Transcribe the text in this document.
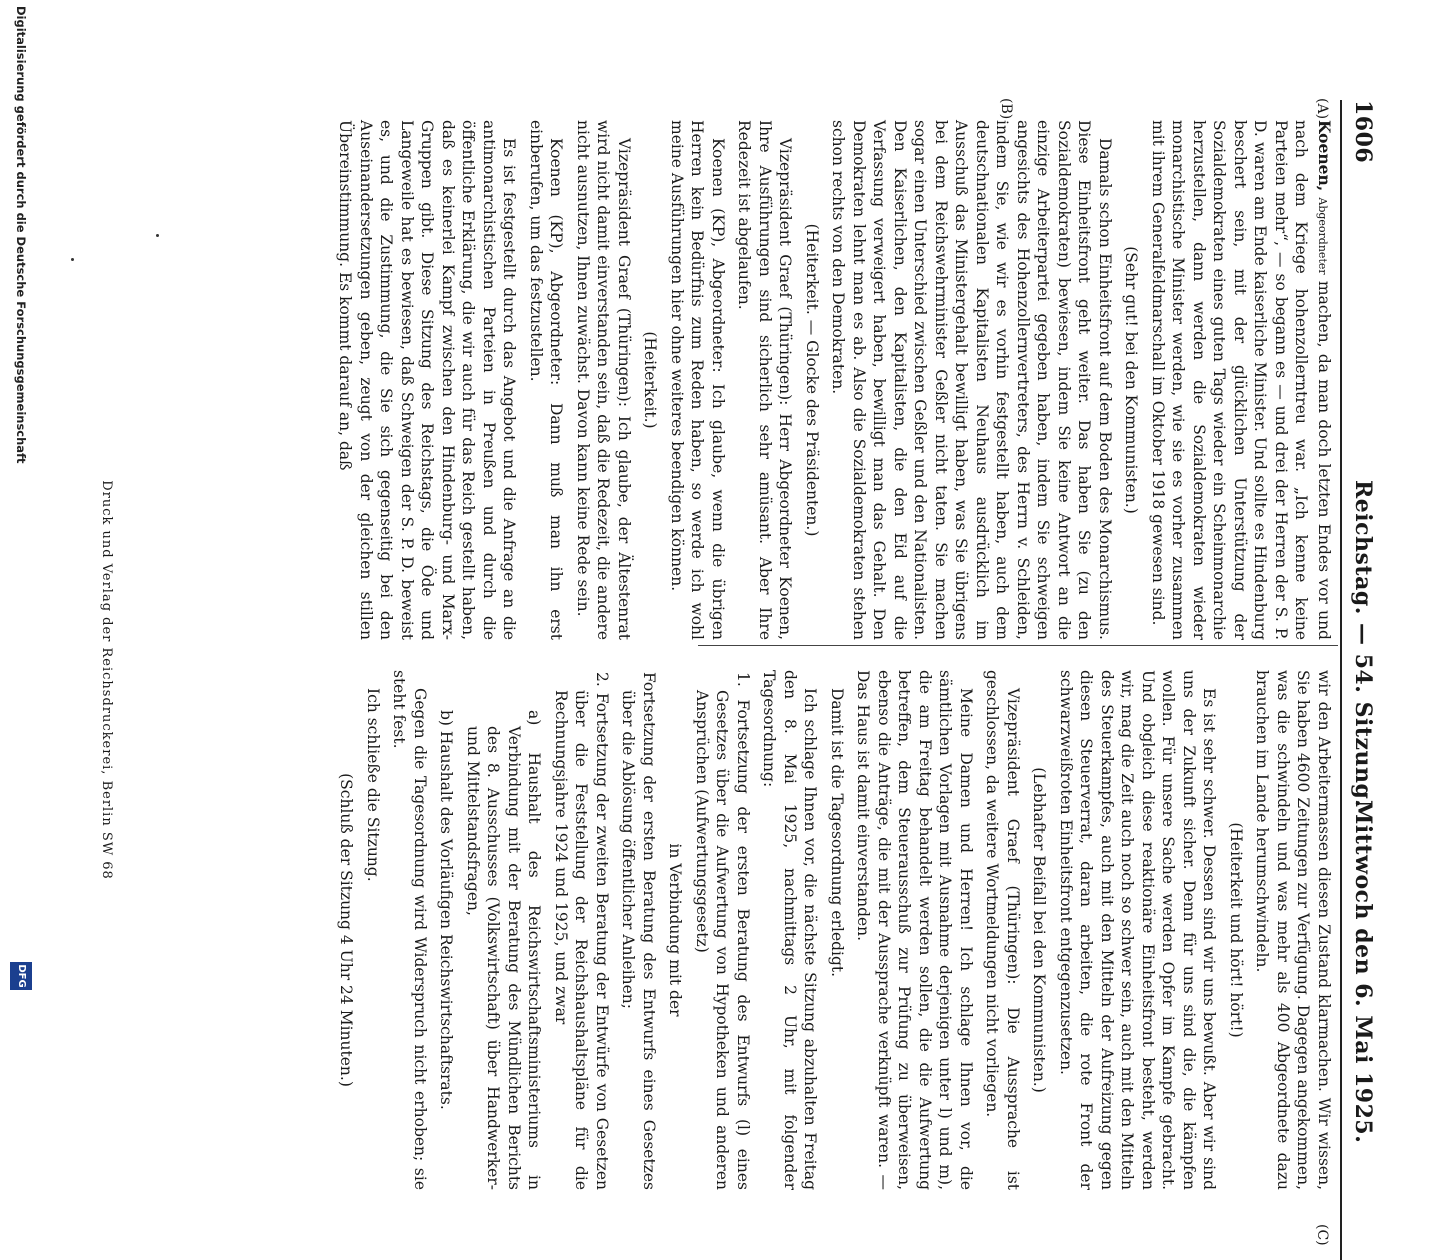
1606
Reichstag. — 54. Sitzung.
Mittwoch den 6. Mai 1925.
(A)
(B)
(C)

Koenen, Abgeordneter machen, da man doch letzten Endes vor und nach dem Kriege hohenzollerntreu war. „Ich kenne keine Parteien mehr“, — so begann es — und drei der Herren der S. P. D. waren am Ende kaiserliche Minister. Und sollte es Hindenburg beschert sein, mit der glücklichen Unterstützung der Sozialdemokraten eines guten Tags wieder ein Scheinmonarchie herzustellen, dann werden die Sozialdemokraten wieder monarchistische Minister werden, wie sie es vorher zusammen mit ihrem Generalfeldmarschall im Oktober 1918 gewesen sind.

(Sehr gut! bei den Kommunisten.)

Damals schon Einheitsfront auf dem Boden des Monarchismus. Diese Einheitsfront geht weiter. Das haben Sie (zu den Sozialdemokraten) bewiesen, indem Sie keine Antwort an die einzige Arbeiterpartei gegeben haben, indem Sie schweigen angesichts des Hohenzollernvertreters, des Herrn v. Schleiden, indem Sie, wie wir es vorhin festgestellt haben, auch dem deutschnationalen Kapitalisten Neuhaus ausdrücklich im Ausschuß das Ministergehalt bewilligt haben, was Sie übrigens bei dem Reichswehrminister Geßler nicht taten. Sie machen sogar einen Unterschied zwischen Geßler und den Nationalisten. Den Kaiserlichen, den Kapitalisten, die den Eid auf die Verfassung verweigert haben, bewilligt man das Gehalt. Den Demokraten lehnt man es ab. Also die Sozialdemokraten stehen schon rechts von den Demokraten.

(Heiterkeit. — Glocke des Präsidenten.)

Vizepräsident Graef (Thüringen): Herr Abgeordneter Koenen, Ihre Ausführungen sind sicherlich sehr amüsant. Aber Ihre Redezeit ist abgelaufen.

Koenen (KP), Abgeordneter: Ich glaube, wenn die übrigen Herren kein Bedürfnis zum Reden haben, so werde ich wohl meine Ausführungen hier ohne weiteres beendigen können.

(Heiterkeit.)

Vizepräsident Graef (Thüringen): Ich glaube, der Ältestenrat wird nicht damit einverstanden sein, daß die Redezeit, die andere nicht ausnutzen, Ihnen zuwächst. Davon kann keine Rede sein.

Koenen (KP), Abgeordneter: Dann muß man ihn erst einberufen, um das festzustellen.

Es ist festgestellt durch das Angebot und die Anfrage an die antimonarchistischen Parteien in Preußen und durch die öffentliche Erklärung, die wir auch für das Reich gestellt haben, daß es keinerlei Kampf zwischen den Hindenburg- und Marx-Gruppen gibt. Diese Sitzung des Reichstags, die Öde und Langeweile hat es bewiesen, daß Schweigen der S. P. D. beweist es, und die Zustimmung, die Sie sich gegenseitig bei den Auseinandersetzungen geben, zeugt von der gleichen stillen Übereinstimmung. Es kommt darauf an, daß

wir den Arbeitermassen diesen Zustand klarmachen. Wir wissen, Sie haben 4600 Zeitungen zur Verfügung. Dagegen angekommen, was die schwindeln und was mehr als 400 Abgeordnete dazu brauchen im Lande herumschwindeln.

(Heiterkeit und hört! hört!)

Es ist sehr schwer. Dessen sind wir uns bewußt. Aber wir sind uns der Zukunft sicher. Denn für uns sind die, die kämpfen wollen. Für unsere Sache werden Opfer im Kampfe gebracht. Und obgleich diese reaktionäre Einheitsfront besteht, werden wir, mag die Zeit auch noch so schwer sein, auch mit den Mitteln des Steuerkampfes, auch mit den Mitteln der Aufreizung gegen diesen Steuerverrat, daran arbeiten, die rote Front der schwarzweißroten Einheitsfront entgegenzusetzen.

(Lebhafter Beifall bei den Kommunisten.)

Vizepräsident Graef (Thüringen): Die Aussprache ist geschlossen, da weitere Wortmeldungen nicht vorliegen.

Meine Damen und Herren! Ich schlage Ihnen vor, die sämtlichen Vorlagen mit Ausnahme derjenigen unter l) und m), die am Freitag behandelt werden sollen, die die Aufwertung betreffen, dem Steuerausschuß zur Prüfung zu überweisen, ebenso die Anträge, die mit der Aussprache verknüpft waren. — Das Haus ist damit einverstanden.

Damit ist die Tagesordnung erledigt.

Ich schlage Ihnen vor, die nächste Sitzung abzuhalten Freitag den 8. Mai 1925, nachmittags 2 Uhr, mit folgender Tagesordnung:

1. Fortsetzung der ersten Beratung des Entwurfs (l) eines Gesetzes über die Aufwertung von Hypotheken und anderen Ansprüchen (Aufwertungsgesetz)

in Verbindung mit der

Fortsetzung der ersten Beratung des Entwurfs eines Gesetzes über die Ablösung öffentlicher Anleihen;

2. Fortsetzung der zweiten Beratung der Entwürfe von Gesetzen über die Feststellung der Reichshaushaltspläne für die Rechnungsjahre 1924 und 1925, und zwar

a) Haushalt des Reichswirtschaftsministeriums in Verbindung mit der Beratung des Mündlichen Berichts des 8. Ausschusses (Volkswirtschaft) über Handwerker- und Mittelstandsfragen,

b) Haushalt des Vorläufigen Reichswirtschaftsrats.

Gegen die Tagesordnung wird Widerspruch nicht erhoben; sie steht fest.

Ich schließe die Sitzung.

(Schluß der Sitzung 4 Uhr 24 Minuten.)

Druck und Verlag der Reichsdruckerei, Berlin SW 68
Digitalisierung gefördert durch die Deutsche Forschungsgemeinschaft
DFG
